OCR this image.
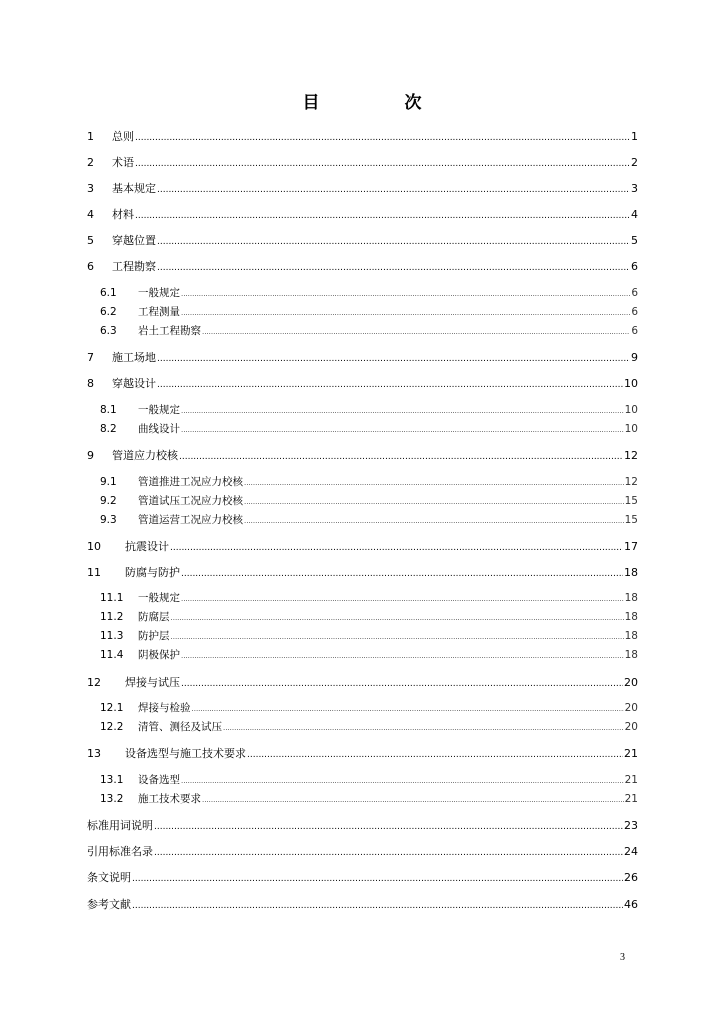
目　次
1	总则 .....	1
2	术语 .....	2
3	基本规定 .....	3
4	材料 .....	4
5	穿越位置 .....	5
6	工程勘察 .....	6
6.1	一般规定 .....	6
6.2	工程测量 .....	6
6.3	岩土工程勘察 .....	6
7	施工场地 .....	9
8	穿越设计 .....	10
8.1	一般规定 .....	10
8.2	曲线设计 .....	10
9	管道应力校核 .....	12
9.1	管道推进工况应力校核 .....	12
9.2	管道试压工况应力校核 .....	15
9.3	管道运营工况应力校核 .....	15
10	抗震设计 .....	17
11	防腐与防护 .....	18
11.1	一般规定 .....	18
11.2	防腐层 .....	18
11.3	防护层 .....	18
11.4	阴极保护 .....	18
12	焊接与试压 .....	20
12.1	焊接与检验 .....	20
12.2	清管、测径及试压 .....	20
13	设备选型与施工技术要求 .....	21
13.1	设备选型 .....	21
13.2	施工技术要求 .....	21
标准用词说明 .....	23
引用标准名录 .....	24
条文说明 .....	26
参考文献 .....	46
3
